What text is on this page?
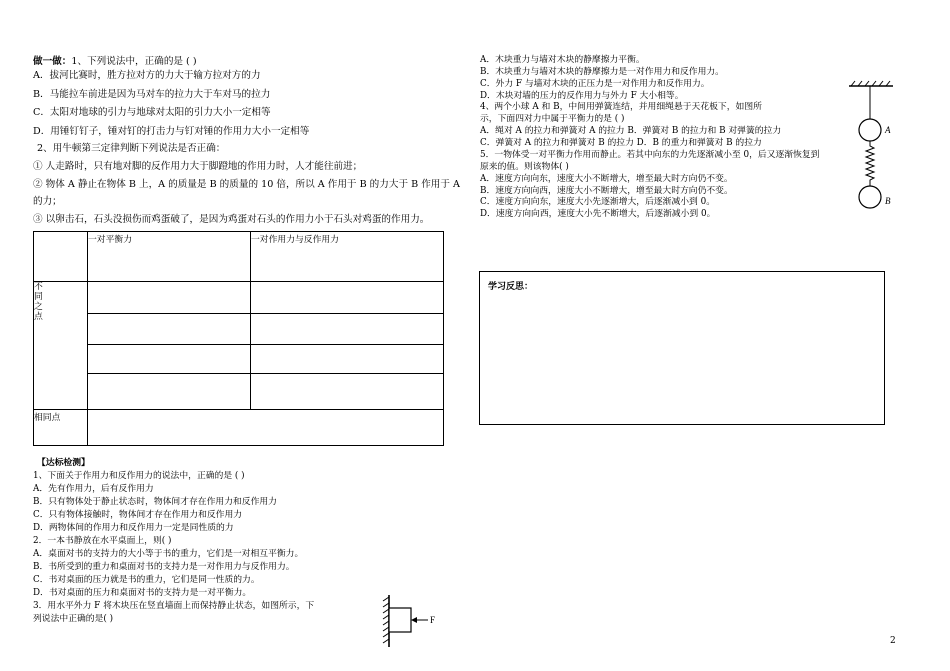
做一做：1、下列说法中，正确的是 ( )
A．拔河比赛时，胜方拉对方的力大于输方拉对方的力
B．马能拉车前进是因为马对车的拉力大于车对马的拉力
C．太阳对地球的引力与地球对太阳的引力大小一定相等
D．用锤钉钉子，锤对钉的打击力与钉对锤的作用力大小一定相等
2、用牛顿第三定律判断下列说法是否正确：
① 人走路时，只有地对脚的反作用力大于脚蹬地的作用力时，人才能往前进；
② 物体 A 静止在物体 B 上，A 的质量是 B 的质量的 10 倍，所以 A 作用于 B 的力大于 B 作用于 A
的力；
③ 以卵击石，石头没损伤而鸡蛋破了，是因为鸡蛋对石头的作用力小于石头对鸡蛋的作用力。
	一对平衡力	一对作用力与反作用力

不
同
之
点		

相同点		
【达标检测】
1、下面关于作用力和反作用力的说法中，正确的是 ( )
A．先有作用力，后有反作用力
B．只有物体处于静止状态时，物体间才存在作用力和反作用力
C．只有物体接触时，物体间才存在作用力和反作用力
D．两物体间的作用力和反作用力一定是同性质的力
2．一本书静放在水平桌面上，则( )
A．桌面对书的支持力的大小等于书的重力，它们是一对相互平衡力。
B．书所受到的重力和桌面对书的支持力是一对作用力与反作用力。
C．书对桌面的压力就是书的重力，它们是同一性质的力。
D．书对桌面的压力和桌面对书的支持力是一对平衡力。
3．用水平外力 F 将木块压在竖直墙面上而保持静止状态，如图所示，下
列说法中正确的是( )	F
A．木块重力与墙对木块的静摩擦力平衡。
B．木块重力与墙对木块的静摩擦力是一对作用力和反作用力。
C．外力 F 与墙对木块的正压力是一对作用力和反作用力。
D．木块对墙的压力的反作用力与外力 F 大小相等。
4、两个小球 A 和 B，中间用弹簧连结，并用细绳悬于天花板下，如图所
示，下面四对力中属于平衡力的是 ( )
A．绳对 A 的拉力和弹簧对 A 的拉力 B．弹簧对 B 的拉力和 B 对弹簧的拉力
C．弹簧对 A 的拉力和弹簧对 B 的拉力 D．B 的重力和弹簧对 B 的拉力
5．一物体受一对平衡力作用而静止。若其中向东的力先逐渐减小至 0，后又逐渐恢复到
原来的值。则该物体( )
A．速度方向向东，速度大小不断增大，增至最大时方向仍不变。
B．速度方向向西，速度大小不断增大，增至最大时方向仍不变。
C．速度方向向东，速度大小先逐渐增大，后逐渐减小到 0。
D．速度方向向西，速度大小先不断增大，后逐渐减小到 0。
A
B
学习反思：
2
